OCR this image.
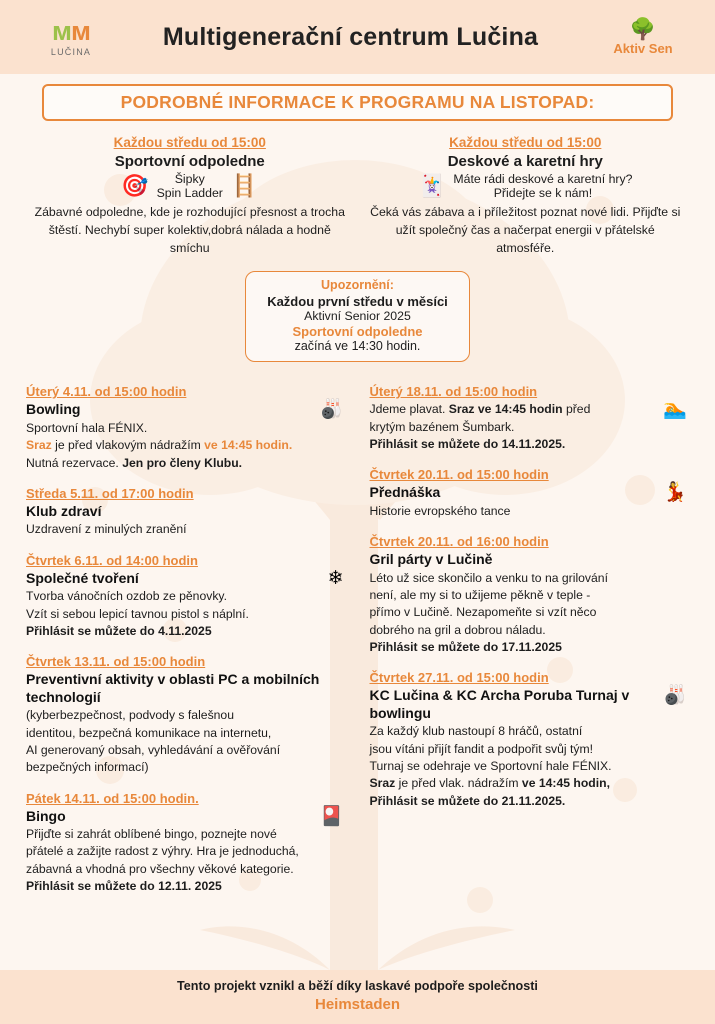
ᴍᴍ
LUČINA
Multigenerační centrum Lučina	🌳
Aktiv Sen
PODROBNÉ INFORMACE K PROGRAMU NA LISTOPAD:
Každou středu od 15:00
Sportovní odpoledne
🎯	Šipky
Spin Ladder 🪜

Zábavné odpoledne, kde je rozhodující přesnost a trocha štěstí. Nechybí super kolektiv,dobrá nálada a hodně smíchu

Každou středu od 15:00
Deskové a karetní hry
🃏 Máte rádi deskové a karetní hry?
Přidejte se k nám!

Čeká vás zábava a i příležitost poznat nové lidi. Přijďte si užít společný čas a načerpat energii v přátelské atmosféře.

Upozornění:
Každou první středu v měsíci
Aktivní Senior 2025
Sportovní odpoledne
začíná ve 14:30 hodin.
Úterý 4.11. od 15:00 hodin
Bowling
Sportovní hala FÉNIX.
Sraz je před vlakovým nádražím ve 14:45 hodin.
Nutná rezervace. Jen pro členy Klubu.
🎳
Středa 5.11. od 17:00 hodin
Klub zdraví
Uzdravení z minulých zranění
Čtvrtek 6.11. od 14:00 hodin
Společné tvoření
Tvorba vánočních ozdob ze pěnovky.
Vzít si sebou lepicí tavnou pistol s náplní.
Přihlásit se můžete do 4.11.2025
❄
Čtvrtek 13.11. od 15:00 hodin
Preventivní aktivity v oblasti PC a mobilních technologií
(kyberbezpečnost, podvody s falešnou
identitou, bezpečná komunikace na internetu,
AI generovaný obsah, vyhledávání a ověřování
bezpečných informací)
Pátek 14.11. od 15:00 hodin.
Bingo
Přijďte si zahrát oblíbené bingo, poznejte nové
přátelé a zažijte radost z výhry. Hra je jednoduchá,
zábavná a vhodná pro všechny věkové kategorie.
Přihlásit se můžete do 12.11. 2025
🎴
Úterý 18.11. od 15:00 hodin
Jdeme plavat. Sraz ve 14:45 hodin před
krytým bazénem Šumbark.
Přihlásit se můžete do 14.11.2025.
🏊
Čtvrtek 20.11. od 15:00 hodin
Přednáška
Historie evropského tance
💃
Čtvrtek 20.11. od 16:00 hodin
Gril párty v Lučině
Léto už sice skončilo a venku to na grilování
není, ale my si to užijeme pěkně v teple -
přímo v Lučině. Nezapomeňte si vzít něco
dobrého na gril a dobrou náladu.
Přihlásit se můžete do 17.11.2025
Čtvrtek 27.11. od 15:00 hodin
KC Lučina & KC Archa Poruba Turnaj v bowlingu
Za každý klub nastoupí 8 hráčů, ostatní
jsou vítáni přijít fandit a podpořit svůj tým!
Turnaj se odehraje ve Sportovní hale FÉNIX.
Sraz je před vlak. nádražím ve 14:45 hodin,
Přihlásit se můžete do 21.11.2025.
🎳
Tento projekt vznikl a běží díky laskavé podpoře společnosti
Heimstaden
